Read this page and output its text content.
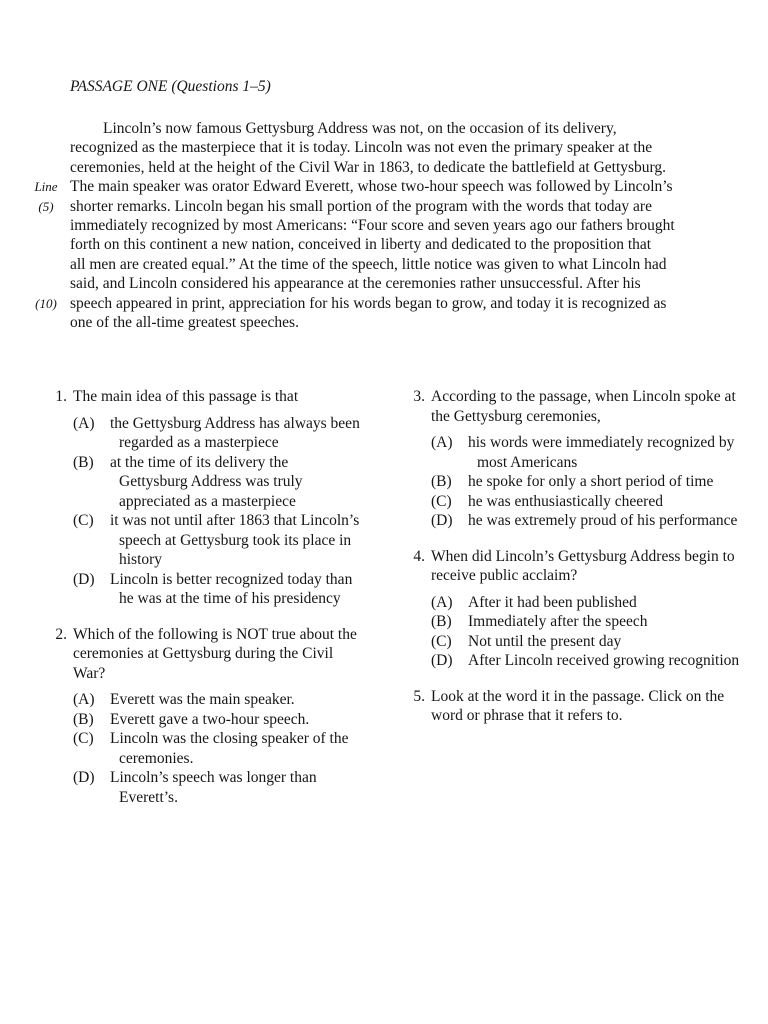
PASSAGE ONE (Questions 1–5)
Lincoln’s now famous Gettysburg Address was not, on the occasion of its delivery,
recognized as the masterpiece that it is today. Lincoln was not even the primary speaker at the
ceremonies, held at the height of the Civil War in 1863, to dedicate the battlefield at Gettysburg.
Line The main speaker was orator Edward Everett, whose two-hour speech was followed by Lincoln’s
(5)	shorter remarks. Lincoln began his small portion of the program with the words that today are
immediately recognized by most Americans: “Four score and seven years ago our fathers brought
forth on this continent a new nation, conceived in liberty and dedicated to the proposition that
all men are created equal.” At the time of the speech, little notice was given to what Lincoln had
said, and Lincoln considered his appearance at the ceremonies rather unsuccessful. After his
(10) speech appeared in print, appreciation for his words began to grow, and today it is recognized as
one of the all-time greatest speeches.
1. The main idea of this passage is that
(A) the Gettysburg Address has always been regarded as a masterpiece
(B) at the time of its delivery the Gettysburg Address was truly appreciated as a masterpiece
(C) it was not until after 1863 that Lincoln’s speech at Gettysburg took its place in history
(D) Lincoln is better recognized today than he was at the time of his presidency
2. Which of the following is NOT true about the ceremonies at Gettysburg during the Civil War?
(A) Everett was the main speaker.
(B) Everett gave a two-hour speech.
(C) Lincoln was the closing speaker of the ceremonies.
(D) Lincoln’s speech was longer than Everett’s.
3. According to the passage, when Lincoln spoke at the Gettysburg ceremonies,
(A) his words were immediately recognized by most Americans
(B) he spoke for only a short period of time
(C) he was enthusiastically cheered
(D) he was extremely proud of his performance
4. When did Lincoln’s Gettysburg Address begin to receive public acclaim?
(A) After it had been published
(B) Immediately after the speech
(C) Not until the present day
(D) After Lincoln received growing recognition
5. Look at the word it in the passage. Click on the word or phrase that it refers to.
